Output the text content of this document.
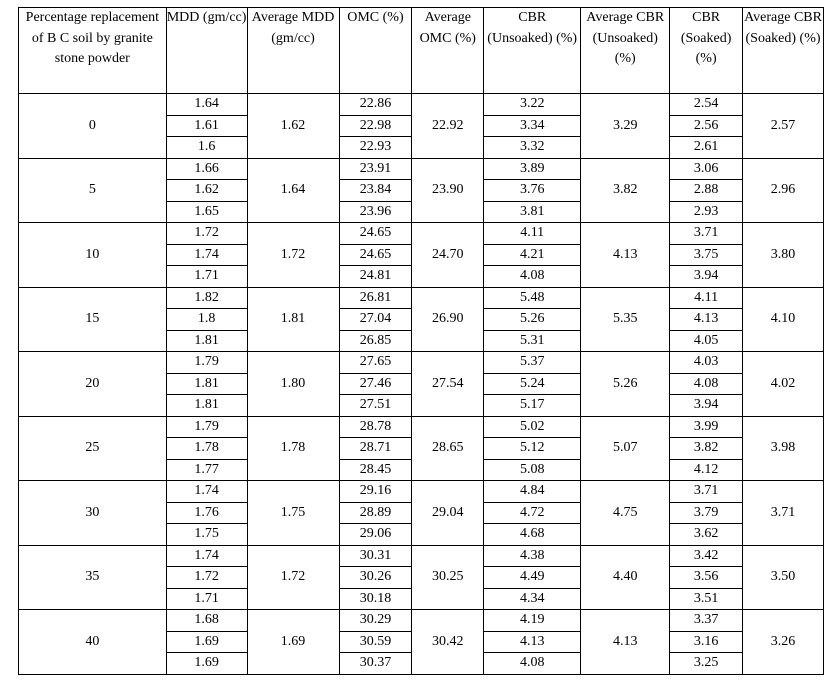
Percentage replacement of B C soil by granite stone powder	MDD (gm/cc)	Average MDD (gm/cc)	OMC (%)	Average OMC (%)	CBR (Unsoaked) (%)	Average CBR (Unsoaked) (%)	CBR (Soaked) (%)	Average CBR (Soaked) (%)
0	1.64	1.62	22.86	22.92	3.22	3.29	2.54	2.57
	1.61		22.98		3.34		2.56	
	1.6		22.93		3.32		2.61	
5	1.66	1.64	23.91	23.90	3.89	3.82	3.06	2.96
	1.62		23.84		3.76		2.88	
	1.65		23.96		3.81		2.93	
10	1.72	1.72	24.65	24.70	4.11	4.13	3.71	3.80
	1.74		24.65		4.21		3.75	
	1.71		24.81		4.08		3.94	
15	1.82	1.81	26.81	26.90	5.48	5.35	4.11	4.10
	1.8		27.04		5.26		4.13	
	1.81		26.85		5.31		4.05	
20	1.79	1.80	27.65	27.54	5.37	5.26	4.03	4.02
	1.81		27.46		5.24		4.08	
	1.81		27.51		5.17		3.94	
25	1.79	1.78	28.78	28.65	5.02	5.07	3.99	3.98
	1.78		28.71		5.12		3.82	
	1.77		28.45		5.08		4.12	
30	1.74	1.75	29.16	29.04	4.84	4.75	3.71	3.71
	1.76		28.89		4.72		3.79	
	1.75		29.06		4.68		3.62	
35	1.74	1.72	30.31	30.25	4.38	4.40	3.42	3.50
	1.72		30.26		4.49		3.56	
	1.71		30.18		4.34		3.51	
40	1.68	1.69	30.29	30.42	4.19	4.13	3.37	3.26
	1.69		30.59		4.13		3.16	
	1.69		30.37		4.08		3.25	
